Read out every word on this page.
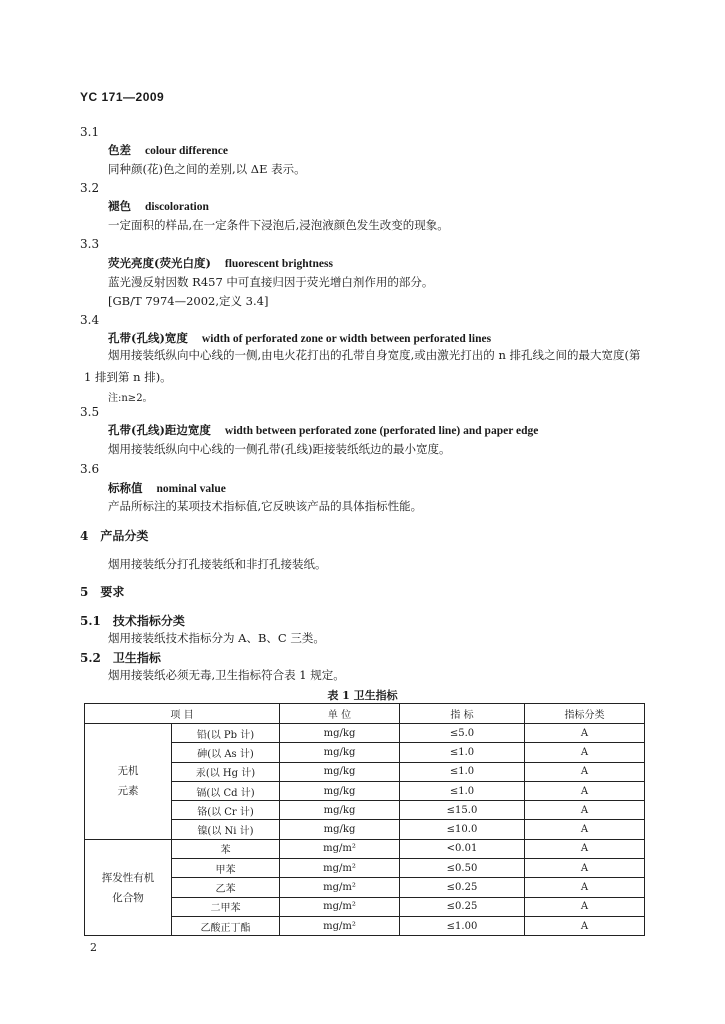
YC 171—2009
3.1
色差 colour difference
同种颜(花)色之间的差别,以 ΔE 表示。
3.2
褪色 discoloration
一定面积的样品,在一定条件下浸泡后,浸泡液颜色发生改变的现象。
3.3
荧光亮度(荧光白度) fluorescent brightness
蓝光漫反射因数 R457 中可直接归因于荧光增白剂作用的部分。
[GB/T 7974—2002,定义 3.4]
3.4
孔带(孔线)宽度 width of perforated zone or width between perforated lines
烟用接装纸纵向中心线的一侧,由电火花打出的孔带自身宽度,或由激光打出的 n 排孔线之间的最大宽度(第 1 排到第 n 排)。
注:n≥2。
3.5
孔带(孔线)距边宽度 width between perforated zone (perforated line) and paper edge
烟用接装纸纵向中心线的一侧孔带(孔线)距接装纸纸边的最小宽度。
3.6
标称值 nominal value
产品所标注的某项技术指标值,它反映该产品的具体指标性能。
4 产品分类
烟用接装纸分打孔接装纸和非打孔接装纸。
5 要求
5.1 技术指标分类
烟用接装纸技术指标分为 A、B、C 三类。
5.2 卫生指标
烟用接装纸必须无毒,卫生指标符合表 1 规定。
表 1 卫生指标
项 目		单 位	指 标	指标分类

无机元素	铅(以 Pb 计)	mg/kg	≤5.0	A
	砷(以 As 计)	mg/kg	≤1.0	A
	汞(以 Hg 计)	mg/kg	≤1.0	A
	镉(以 Cd 计)	mg/kg	≤1.0	A
	铬(以 Cr 计)	mg/kg	≤15.0	A
	镍(以 Ni 计)	mg/kg	≤10.0	A

挥发性有机化合物	苯	mg/m²	<0.01	A
	甲苯	mg/m²	≤0.50	A
	乙苯	mg/m²	≤0.25	A
	二甲苯	mg/m²	≤0.25	A
	乙酸正丁酯	mg/m²	≤1.00	A
2
